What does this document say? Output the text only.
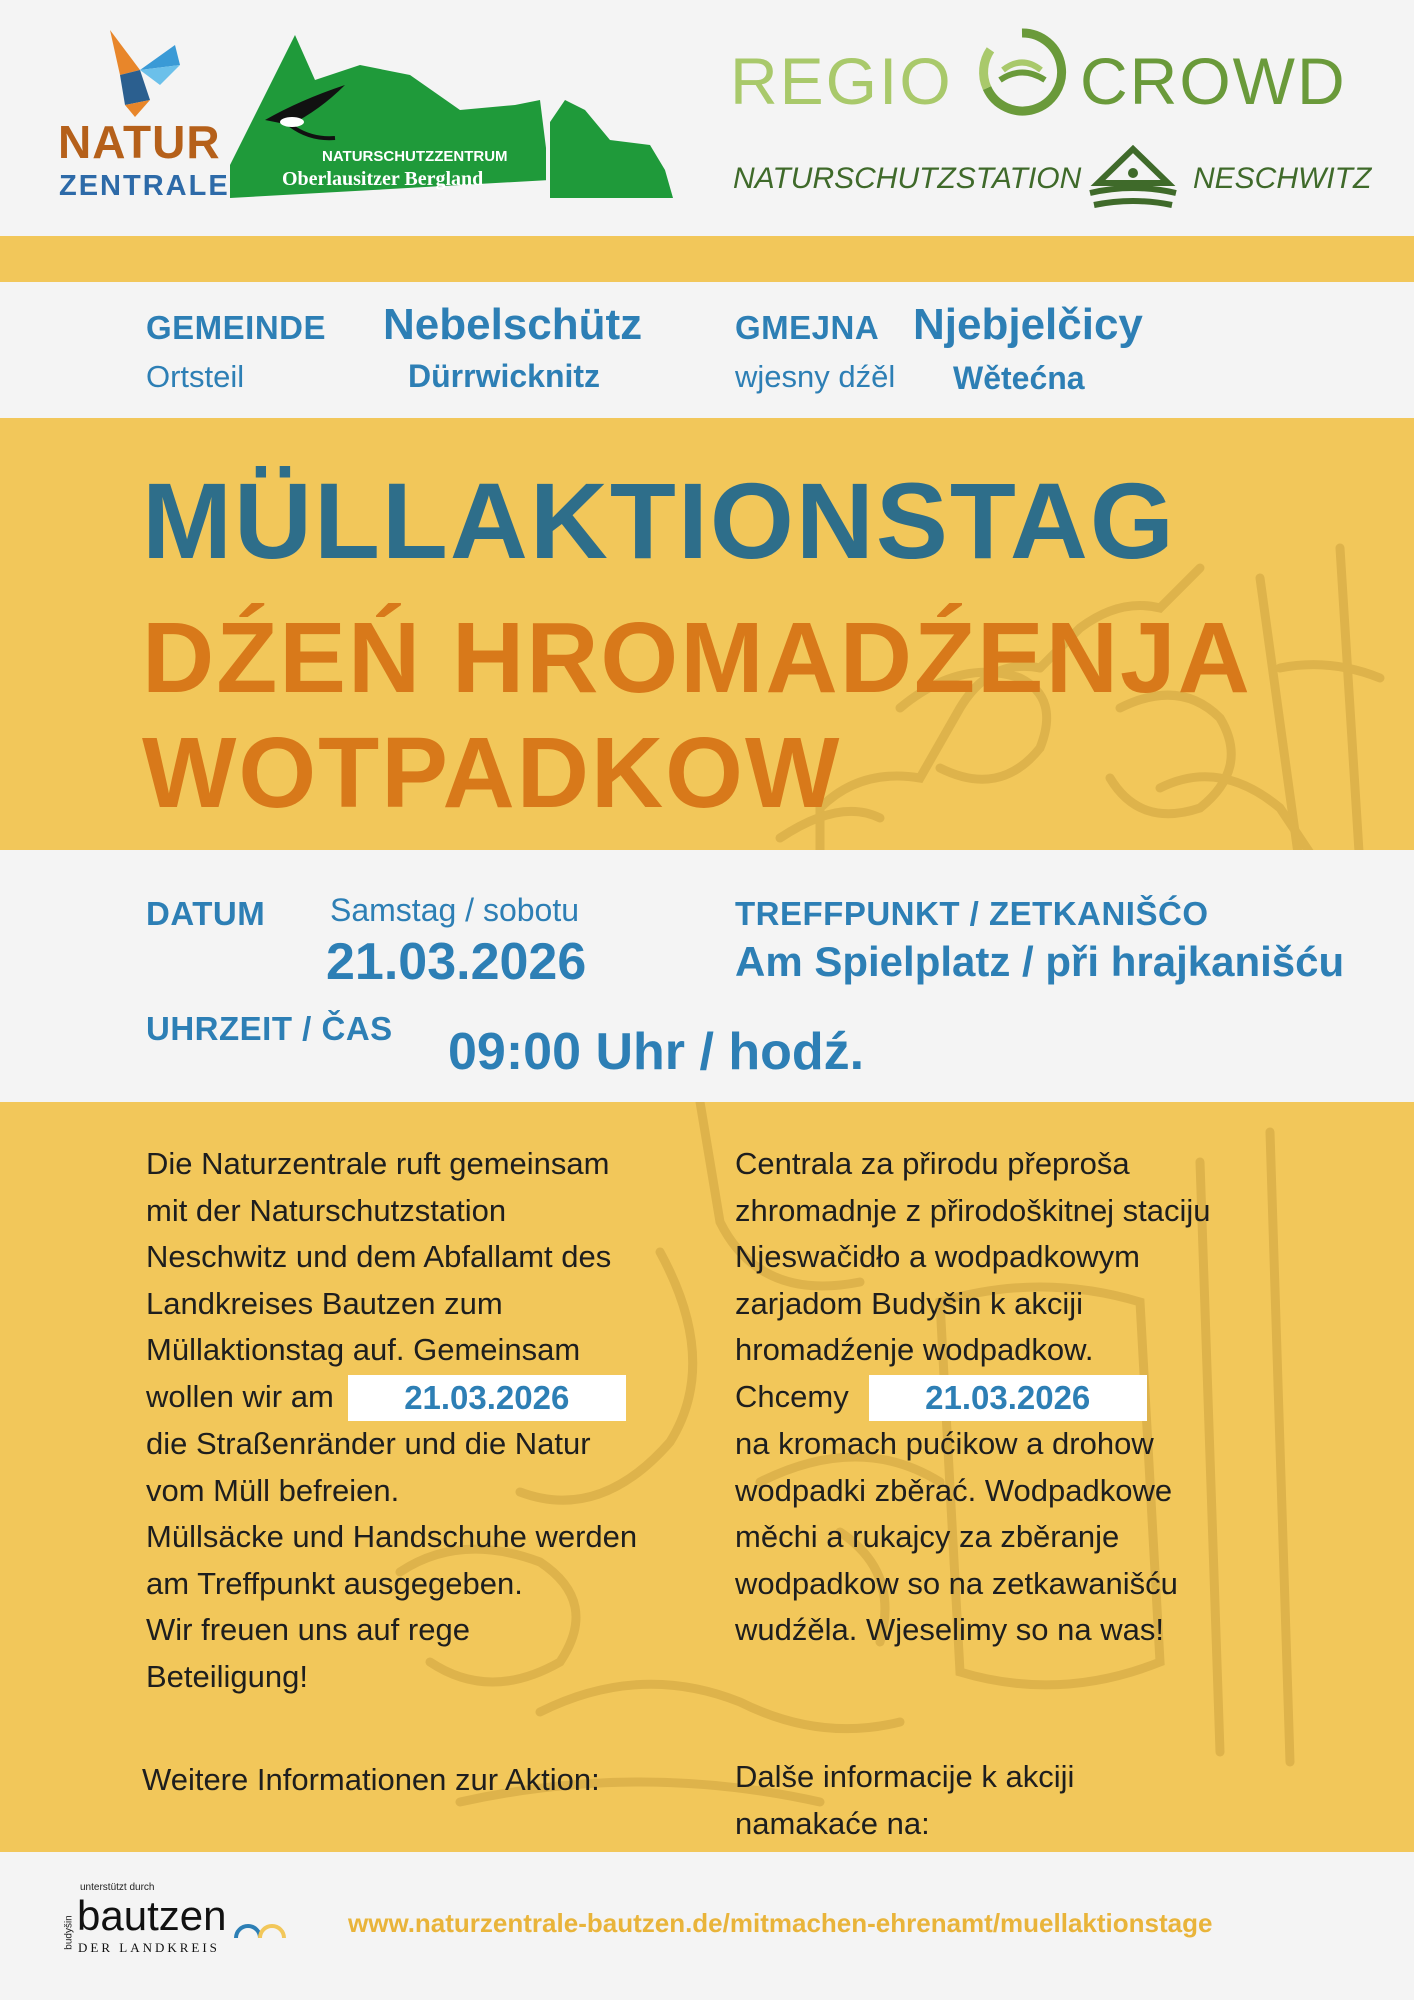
NATUR
ZENTRALE
NATURSCHUTZZENTRUM
Oberlausitzer Bergland
REGIO CROWD
NATURSCHUTZSTATION	NESCHWITZ
GEMEINDE Nebelschütz
Ortsteil	Dürrwicknitz
GMEJNA Njebjelčicy
wjesny dźěl Wětećna
MÜLLAKTIONSTAG
DŹEŃ HROMADŹENJA
WOTPADKOW
DATUM Samstag / sobotu
21.03.2026
TREFFPUNKT / ZETKANIŠĆO
Am Spielplatz / při hrajkanišću
UHRZEIT / ČAS 09:00 Uhr / hodź.
Die Naturzentrale ruft gemeinsam
mit der Naturschutzstation
Neschwitz und dem Abfallamt des
Landkreises Bautzen zum
Müllaktionstag auf. Gemeinsam
wollen wir am 21.03.2026
die Straßenränder und die Natur
vom Müll befreien.
Müllsäcke und Handschuhe werden
am Treffpunkt ausgegeben.
Wir freuen uns auf rege
Beteiligung!
Weitere Informationen zur Aktion:
Centrala za přirodu přeproša
zhromadnje z přirodoškitnej staciju
Njeswačidło a wodpadkowym
zarjadom Budyšin k akciji
hromadźenje wodpadkow.
Chcemy 21.03.2026
na kromach pućikow a drohow
wodpadki zběrać. Wodpadkowe
měchi a rukajcy za zběranje
wodpadkow so na zetkawanišću
wudźěla. Wjeselimy so na was!
Dalše informacije k akciji
namakaće na:
unterstützt durch
budyšin bautzen
DER LANDKREIS
www.naturzentrale-bautzen.de/mitmachen-ehrenamt/muellaktionstage
